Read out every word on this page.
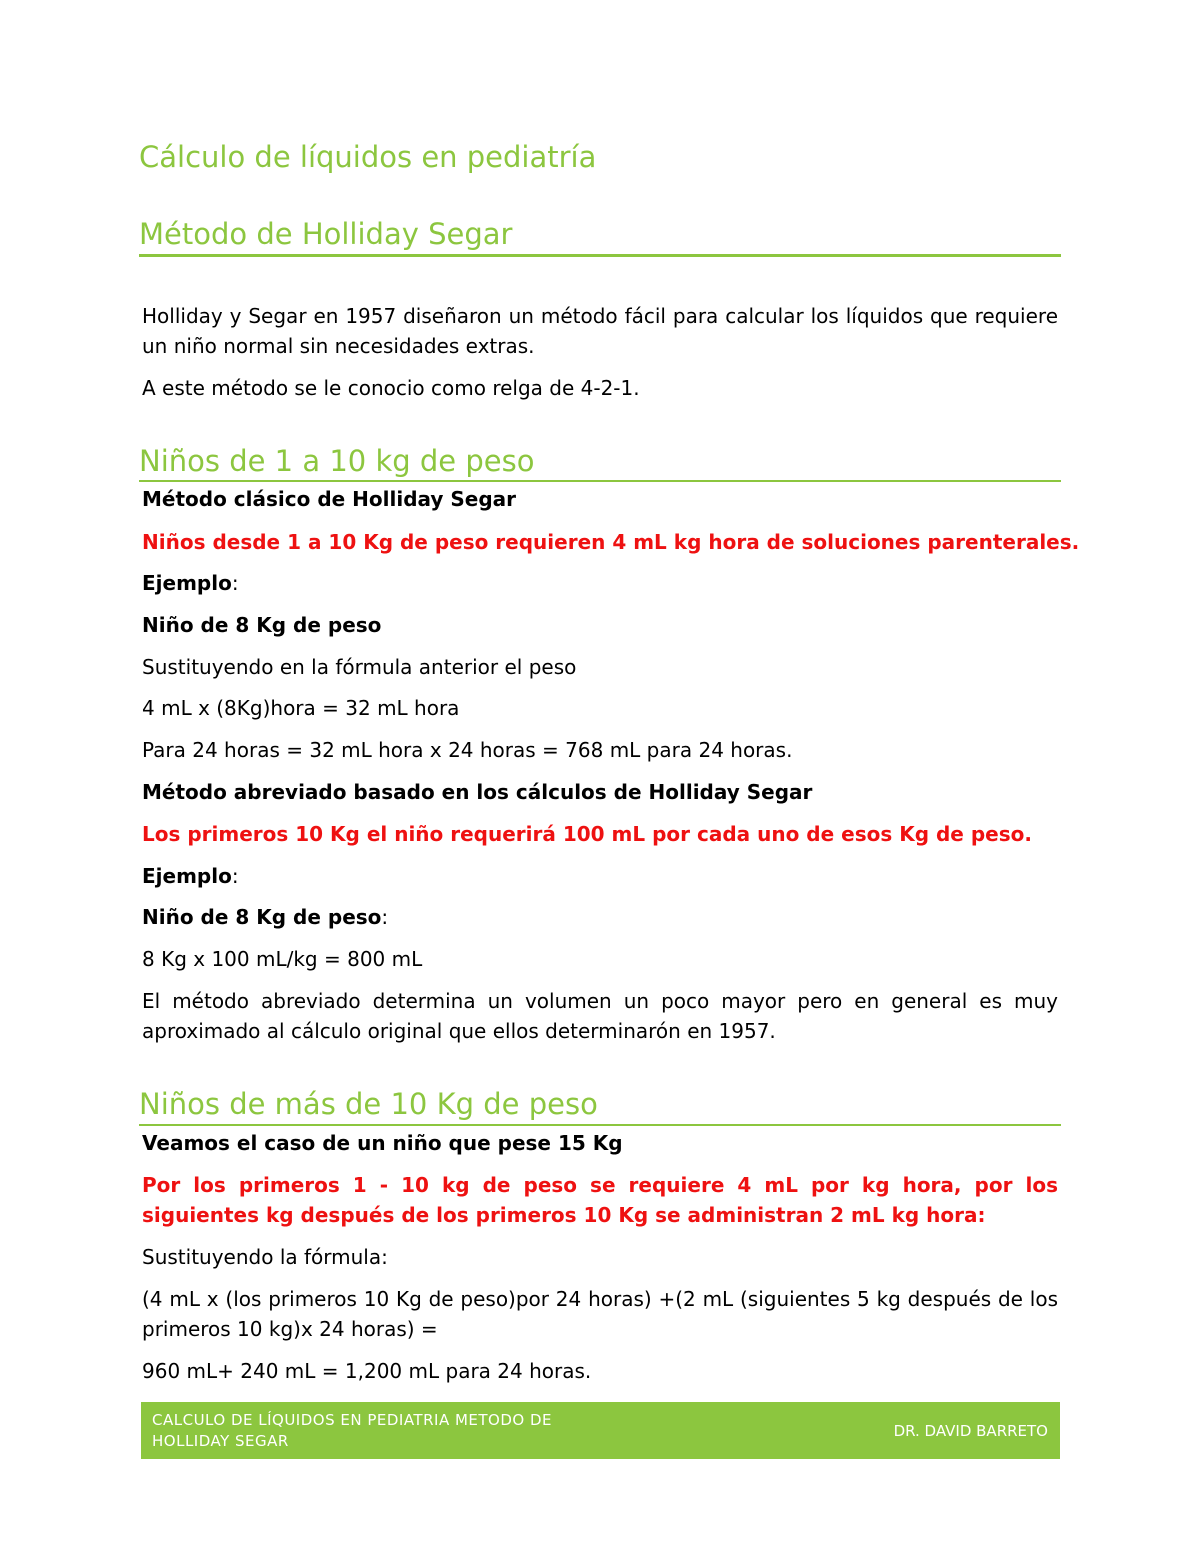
Cálculo de líquidos en pediatría
Método de Holliday Segar

Holliday y Segar en 1957 diseñaron un método fácil para calcular los líquidos que requiere un niño normal sin necesidades extras.

A este método se le conocio como relga de 4-2-1.

Niños de 1 a 10 kg de peso

Método clásico de Holliday Segar

Niños desde 1 a 10 Kg de peso requieren 4 mL kg hora de soluciones parenterales.

Ejemplo:

Niño de 8 Kg de peso

Sustituyendo en la fórmula anterior el peso

4 mL x (8Kg)hora = 32 mL hora

Para 24 horas = 32 mL hora x 24 horas = 768 mL para 24 horas.

Método abreviado basado en los cálculos de Holliday Segar

Los primeros 10 Kg el niño requerirá 100 mL por cada uno de esos Kg de peso.

Ejemplo:

Niño de 8 Kg de peso:

8 Kg x 100 mL/kg = 800 mL

El método abreviado determina un volumen un poco mayor pero en general es muy aproximado al cálculo original que ellos determinarón en 1957.

Niños de más de 10 Kg de peso

Veamos el caso de un niño que pese 15 Kg

Por los primeros 1 - 10 kg de peso se requiere 4 mL por kg hora, por los siguientes kg después de los primeros 10 Kg se administran 2 mL kg hora:

Sustituyendo la fórmula:

(4 mL x (los primeros 10 Kg de peso)por 24 horas) +(2 mL (siguientes 5 kg después de los primeros 10 kg)x 24 horas) =

960 mL+ 240 mL = 1,200 mL para 24 horas.

CALCULO DE LÍQUIDOS EN PEDIATRIA METODO DE HOLLIDAY SEGAR
DR. DAVID BARRETO
